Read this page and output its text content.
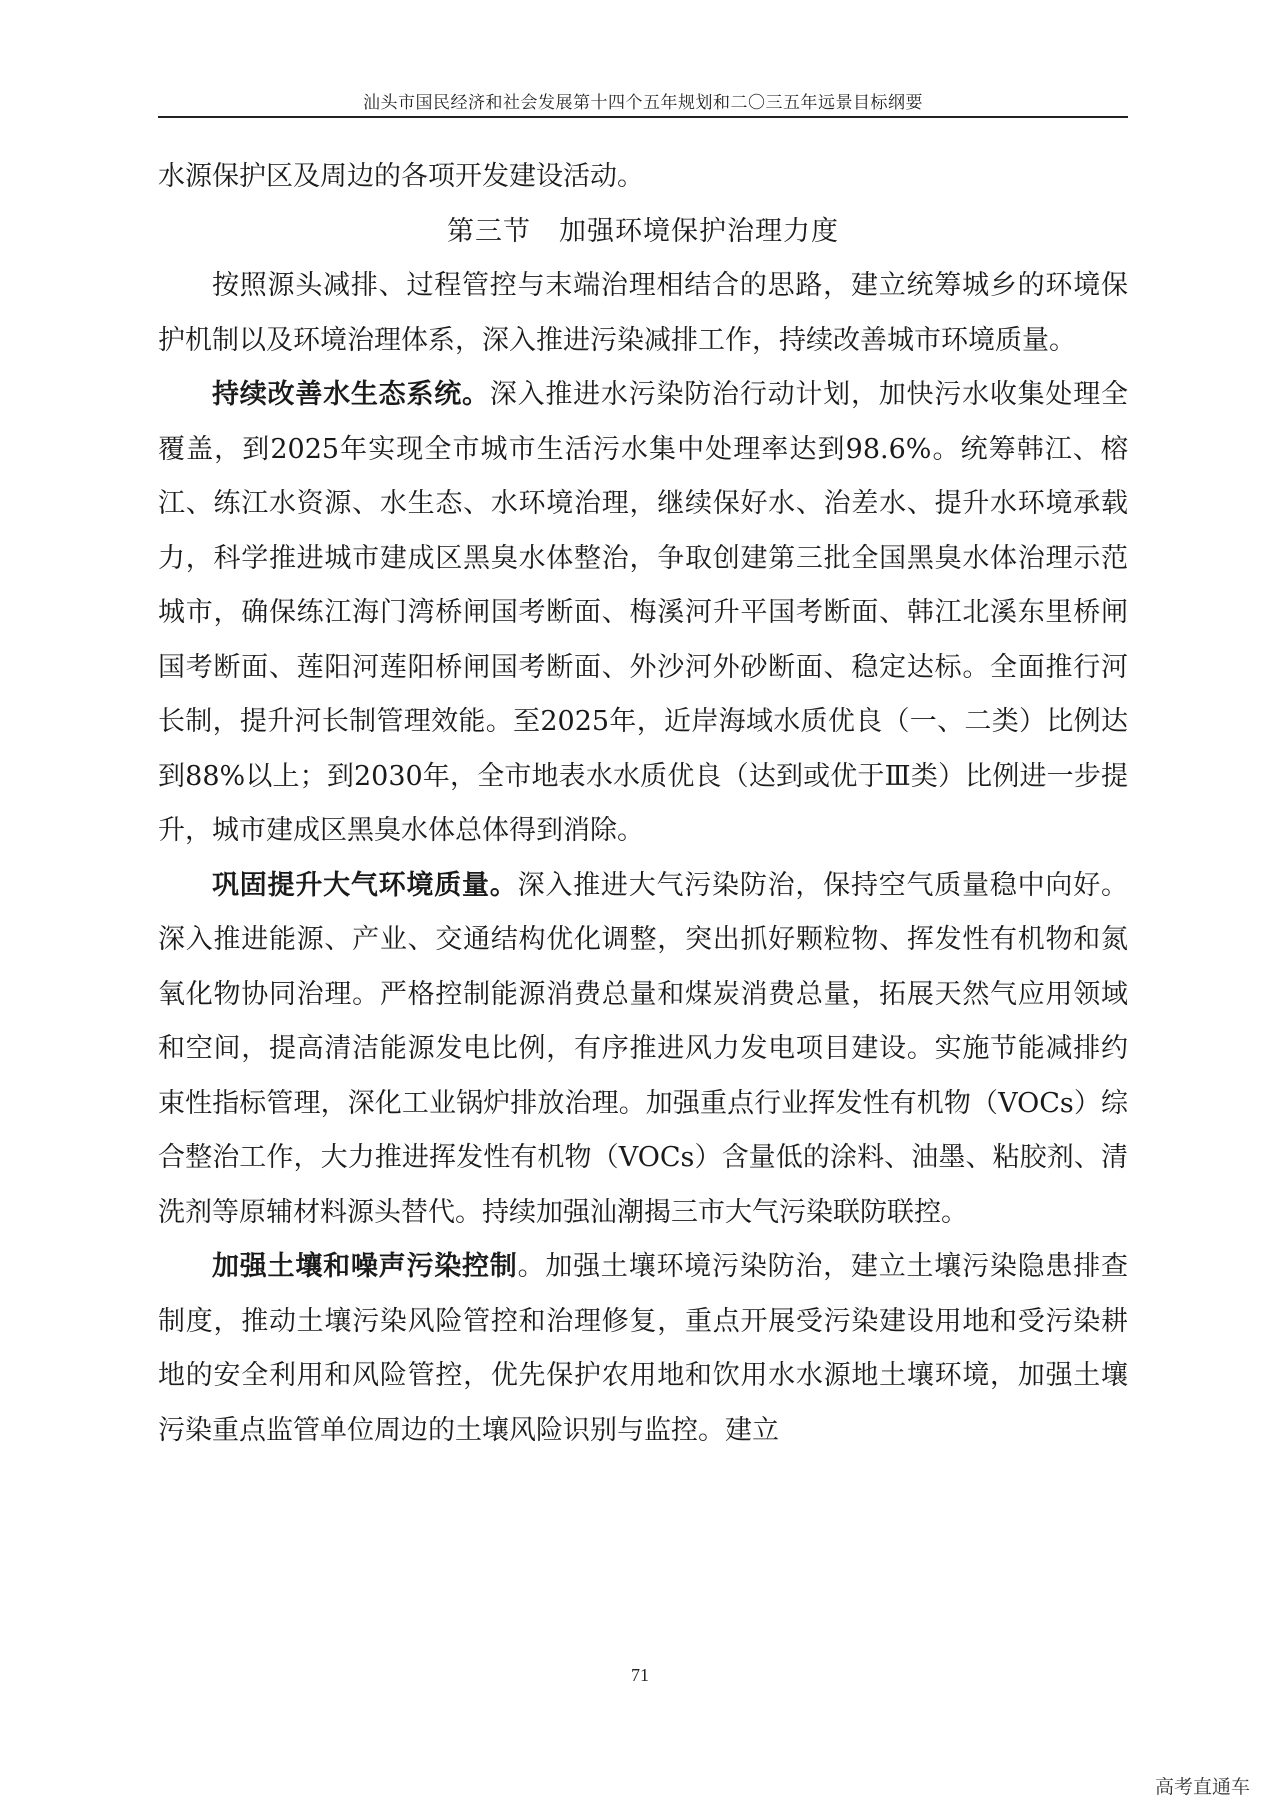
汕头市国民经济和社会发展第十四个五年规划和二〇三五年远景目标纲要

水源保护区及周边的各项开发建设活动。

第三节　加强环境保护治理力度

按照源头减排、过程管控与末端治理相结合的思路，建立统筹城乡的环境保护机制以及环境治理体系，深入推进污染减排工作，持续改善城市环境质量。

持续改善水生态系统。深入推进水污染防治行动计划，加快污水收集处理全覆盖，到2025年实现全市城市生活污水集中处理率达到98.6%。统筹韩江、榕江、练江水资源、水生态、水环境治理，继续保好水、治差水、提升水环境承载力，科学推进城市建成区黑臭水体整治，争取创建第三批全国黑臭水体治理示范城市，确保练江海门湾桥闸国考断面、梅溪河升平国考断面、韩江北溪东里桥闸国考断面、莲阳河莲阳桥闸国考断面、外沙河外砂断面、稳定达标。全面推行河长制，提升河长制管理效能。至2025年，近岸海域水质优良（一、二类）比例达到88%以上；到2030年，全市地表水水质优良（达到或优于Ⅲ类）比例进一步提升，城市建成区黑臭水体总体得到消除。

巩固提升大气环境质量。深入推进大气污染防治，保持空气质量稳中向好。深入推进能源、产业、交通结构优化调整，突出抓好颗粒物、挥发性有机物和氮氧化物协同治理。严格控制能源消费总量和煤炭消费总量，拓展天然气应用领域和空间，提高清洁能源发电比例，有序推进风力发电项目建设。实施节能减排约束性指标管理，深化工业锅炉排放治理。加强重点行业挥发性有机物（VOCs）综合整治工作，大力推进挥发性有机物（VOCs）含量低的涂料、油墨、粘胶剂、清洗剂等原辅材料源头替代。持续加强汕潮揭三市大气污染联防联控。

加强土壤和噪声污染控制。加强土壤环境污染防治，建立土壤污染隐患排查制度，推动土壤污染风险管控和治理修复，重点开展受污染建设用地和受污染耕地的安全利用和风险管控，优先保护农用地和饮用水水源地土壤环境，加强土壤污染重点监管单位周边的土壤风险识别与监控。建立

71
高考直通车
